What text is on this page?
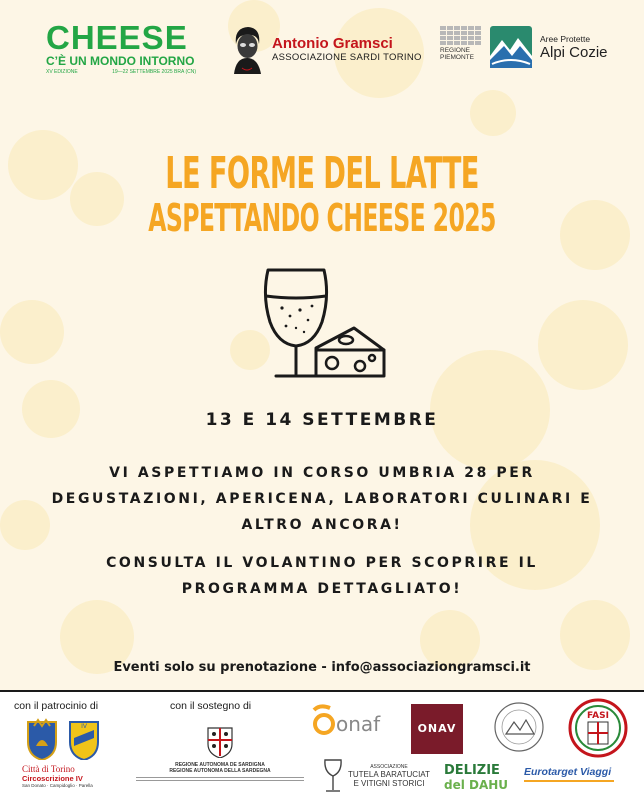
CHEESE
C’È UN MONDO INTORNO
XV EDIZIONE	19—22 SETTEMBRE 2025 BRA (CN)
Antonio Gramsci
ASSOCIAZIONE SARDI TORINO
REGIONE PIEMONTE
Aree Protette
Alpi Cozie
LE FORME DEL LATTE
ASPETTANDO CHEESE 2025
13 E 14 SETTEMBRE
VI ASPETTIAMO IN CORSO UMBRIA 28 PER
DEGUSTAZIONI, APERICENA, LABORATORI CULINARI E
ALTRO ANCORA!
CONSULTA IL VOLANTINO PER SCOPRIRE IL
PROGRAMMA DETTAGLIATO!
Eventi solo su prenotazione - info@associaziongramsci.it
con il patrocinio di	con il sostegno di
IV
Città di Torino
Circoscrizione IV
San Donato · Campidoglio · Parella
REGIONE AUTONOMA DE SARDIGNA
REGIONE AUTONOMA DELLA SARDEGNA
onaf
ASSOCIAZIONE
TUTELA BARATUCIAT
E VITIGNI STORICI
ONAV
DELIZIE
del DAHU
FASI
Eurotarget Viaggi
